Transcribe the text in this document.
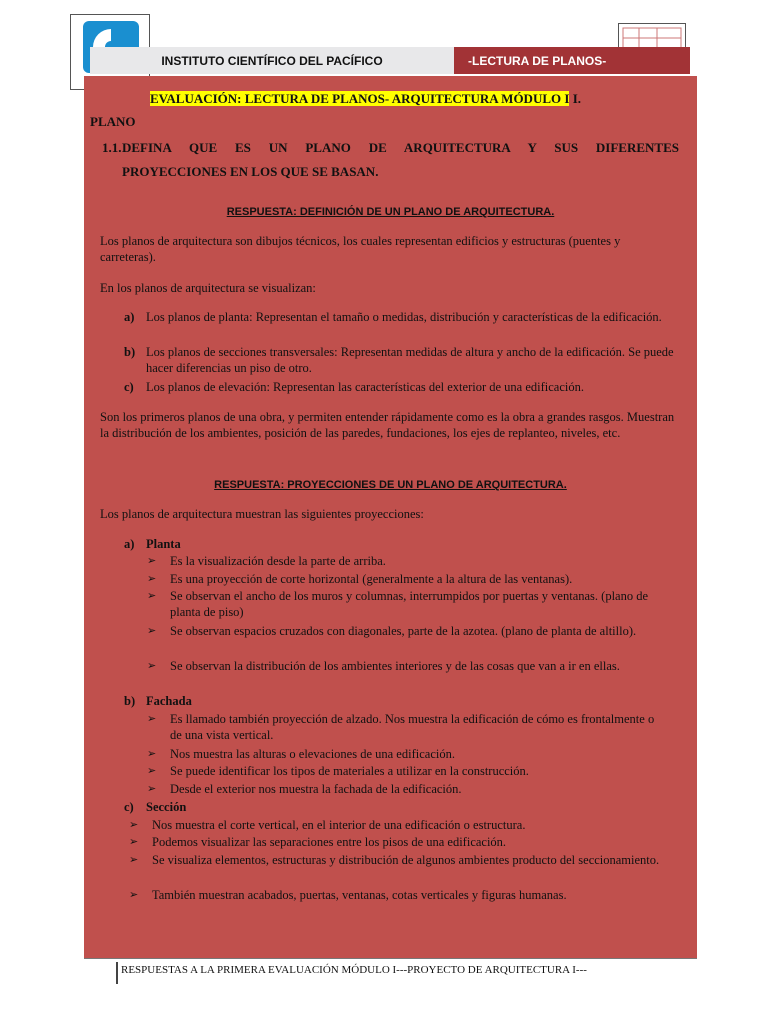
INSTITUTO CIENTÍFICO DEL PACÍFICO	-LECTURA DE PLANOS-
EVALUACIÓN: LECTURA DE PLANOS- ARQUITECTURA MÓDULO I I.
PLANO
1.1. DEFINA QUE ES UN PLANO DE ARQUITECTURA Y SUS DIFERENTES
PROYECCIONES EN LOS QUE SE BASAN.
RESPUESTA: DEFINICIÓN DE UN PLANO DE ARQUITECTURA.
Los planos de arquitectura son dibujos técnicos, los cuales representan edificios y estructuras (puentes y carreteras).
En los planos de arquitectura se visualizan:
a) Los planos de planta: Representan el tamaño o medidas, distribución y características de la edificación.
b) Los planos de secciones transversales: Representan medidas de altura y ancho de la edificación. Se puede hacer diferencias un piso de otro.
c) Los planos de elevación: Representan las características del exterior de una edificación.
Son los primeros planos de una obra, y permiten entender rápidamente como es la obra a grandes rasgos. Muestran la distribución de los ambientes, posición de las paredes, fundaciones, los ejes de replanteo, niveles, etc.
RESPUESTA: PROYECCIONES DE UN PLANO DE ARQUITECTURA.
Los planos de arquitectura muestran las siguientes proyecciones:
a) Planta
➢	Es la visualización desde la parte de arriba.
➢	Es una proyección de corte horizontal (generalmente a la altura de las ventanas).
➢	Se observan el ancho de los muros y columnas, interrumpidos por puertas y ventanas. (plano de planta de piso)
➢	Se observan espacios cruzados con diagonales, parte de la azotea. (plano de planta de altillo).
➢	Se observan la distribución de los ambientes interiores y de las cosas que van a ir en ellas.
b) Fachada
➢	Es llamado también proyección de alzado. Nos muestra la edificación de cómo es frontalmente o de una vista vertical.
➢	Nos muestra las alturas o elevaciones de una edificación.
➢	Se puede identificar los tipos de materiales a utilizar en la construcción.
➢	Desde el exterior nos muestra la fachada de la edificación.
c) Sección
➢	Nos muestra el corte vertical, en el interior de una edificación o estructura.
➢	Podemos visualizar las separaciones entre los pisos de una edificación.
➢	Se visualiza elementos, estructuras y distribución de algunos ambientes producto del seccionamiento.
➢	También muestran acabados, puertas, ventanas, cotas verticales y figuras humanas.
RESPUESTAS A LA PRIMERA EVALUACIÓN MÓDULO I---PROYECTO DE ARQUITECTURA I---
